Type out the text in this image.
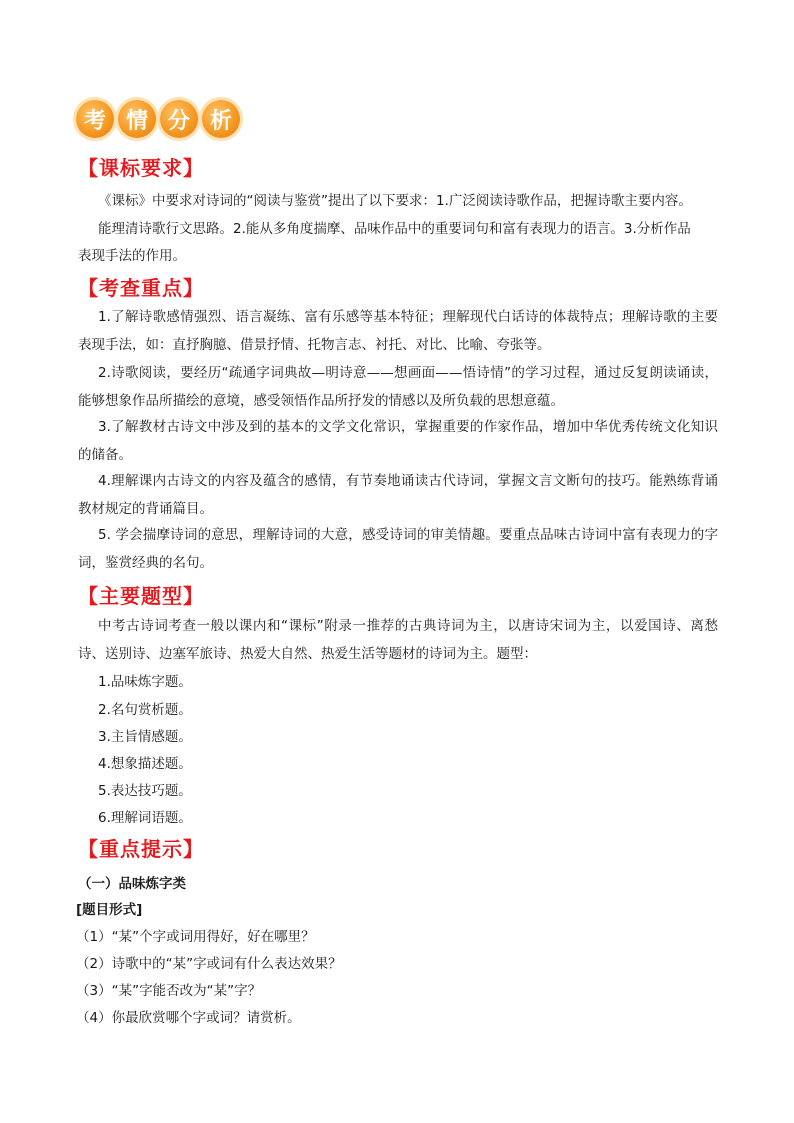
考 情 分 析
【课标要求】
《课标》中要求对诗词的“阅读与鉴赏”提出了以下要求：1.广泛阅读诗歌作品，把握诗歌主要内容。
能理清诗歌行文思路。2.能从多角度揣摩、品味作品中的重要词句和富有表现力的语言。3.分析作品
表现手法的作用。
【考查重点】
1.了解诗歌感情强烈、语言凝练、富有乐感等基本特征；理解现代白话诗的体裁特点；理解诗歌的主要表现手法，如：直抒胸臆、借景抒情、托物言志、衬托、对比、比喻、夸张等。
2.诗歌阅读，要经历“疏通字词典故—明诗意——想画面——悟诗情”的学习过程，通过反复朗读诵读，能够想象作品所描绘的意境，感受领悟作品所抒发的情感以及所负载的思想意蕴。
3.了解教材古诗文中涉及到的基本的文学文化常识，掌握重要的作家作品，增加中华优秀传统文化知识的储备。
4.理解课内古诗文的内容及蕴含的感情，有节奏地诵读古代诗词，掌握文言文断句的技巧。能熟练背诵教材规定的背诵篇目。
5. 学会揣摩诗词的意思，理解诗词的大意，感受诗词的审美情趣。要重点品味古诗词中富有表现力的字词，鉴赏经典的名句。
【主要题型】
中考古诗词考查一般以课内和“课标”附录一推荐的古典诗词为主，以唐诗宋词为主，以爱国诗、离愁诗、送别诗、边塞军旅诗、热爱大自然、热爱生活等题材的诗词为主。题型：
1.品味炼字题。
2.名句赏析题。
3.主旨情感题。
4.想象描述题。
5.表达技巧题。
6.理解词语题。
【重点提示】
（一）品味炼字类
[题目形式]
（1）“某”个字或词用得好，好在哪里？
（2）诗歌中的“某”字或词有什么表达效果？
（3）“某”字能否改为“某”字？
（4）你最欣赏哪个字或词？请赏析。
